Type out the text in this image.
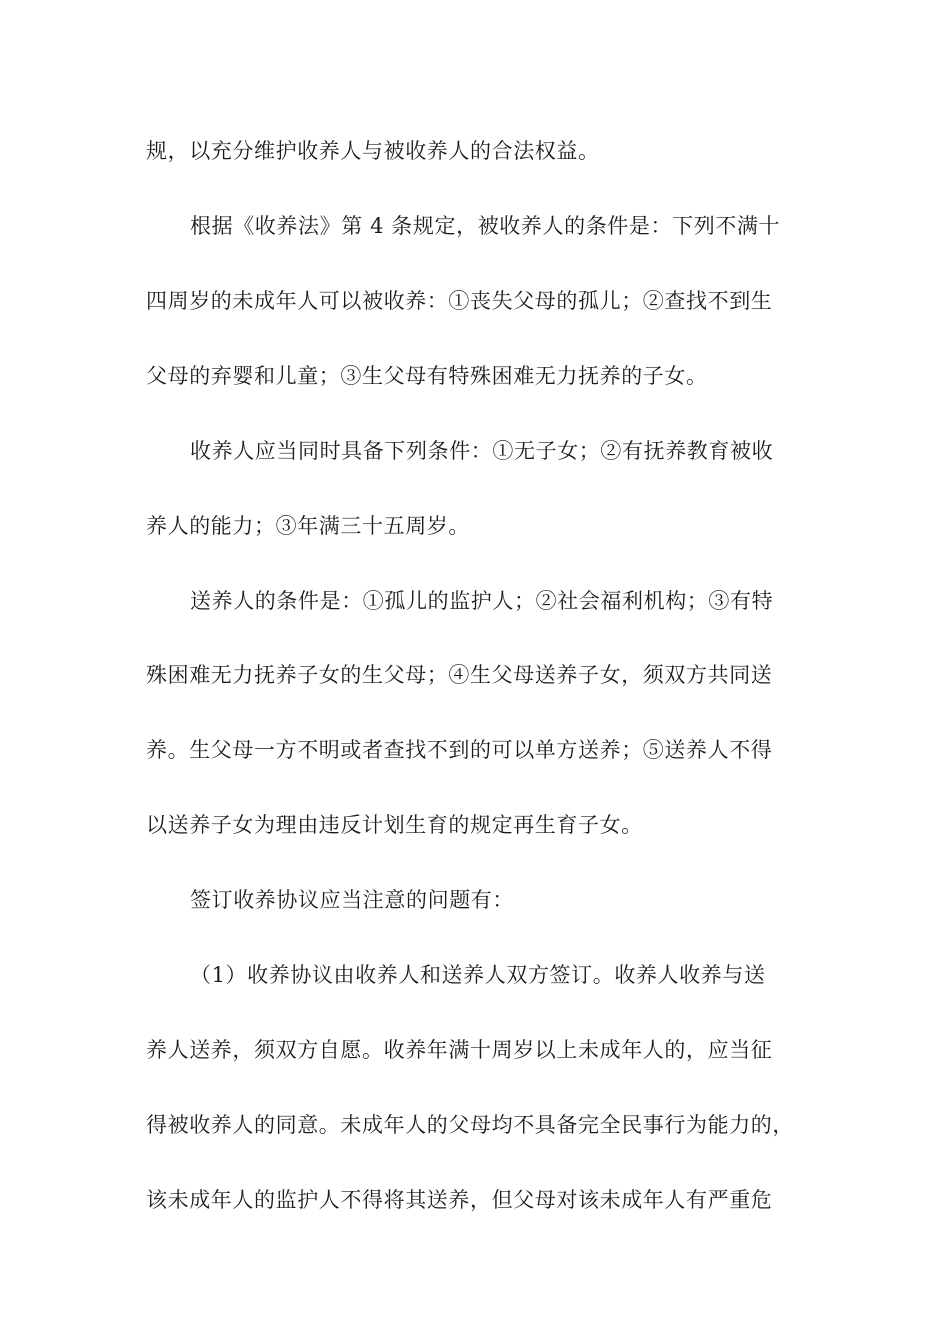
规，以充分维护收养人与被收养人的合法权益。
根据《收养法》第 4 条规定，被收养人的条件是：下列不满十
四周岁的未成年人可以被收养：①丧失父母的孤儿；②查找不到生
父母的弃婴和儿童；③生父母有特殊困难无力抚养的子女。
收养人应当同时具备下列条件：①无子女；②有抚养教育被收
养人的能力；③年满三十五周岁。
送养人的条件是：①孤儿的监护人；②社会福利机构；③有特
殊困难无力抚养子女的生父母；④生父母送养子女，须双方共同送
养。生父母一方不明或者查找不到的可以单方送养；⑤送养人不得
以送养子女为理由违反计划生育的规定再生育子女。
签订收养协议应当注意的问题有：
（1）收养协议由收养人和送养人双方签订。收养人收养与送
养人送养，须双方自愿。收养年满十周岁以上未成年人的，应当征
得被收养人的同意。未成年人的父母均不具备完全民事行为能力的，
该未成年人的监护人不得将其送养，但父母对该未成年人有严重危
